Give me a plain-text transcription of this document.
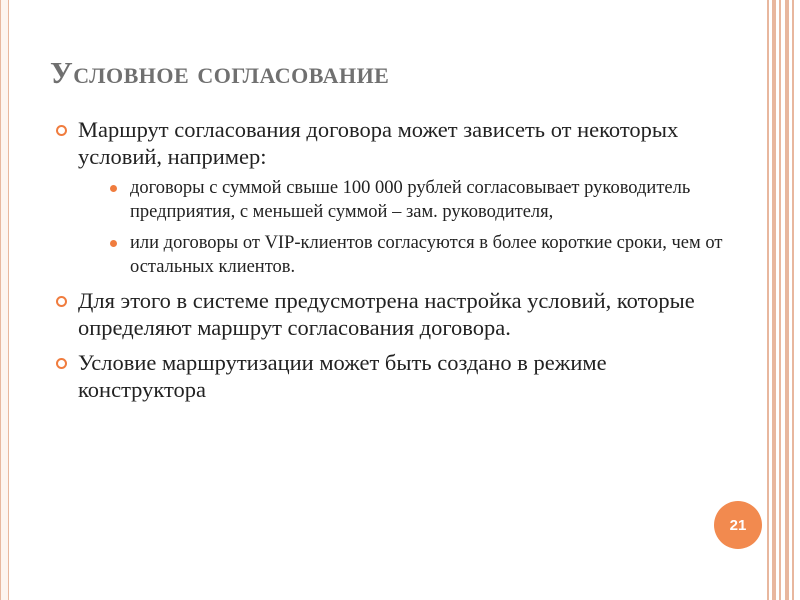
Условное согласование
Маршрут согласования договора может зависеть от некоторых условий, например:
договоры с суммой свыше 100 000 рублей согласовывает руководитель предприятия, с меньшей суммой – зам. руководителя,
или договоры от VIP-клиентов согласуются в более короткие сроки, чем от остальных клиентов.
Для этого в системе предусмотрена настройка условий, которые определяют маршрут согласования договора.
Условие маршрутизации может быть создано в режиме конструктора
21
